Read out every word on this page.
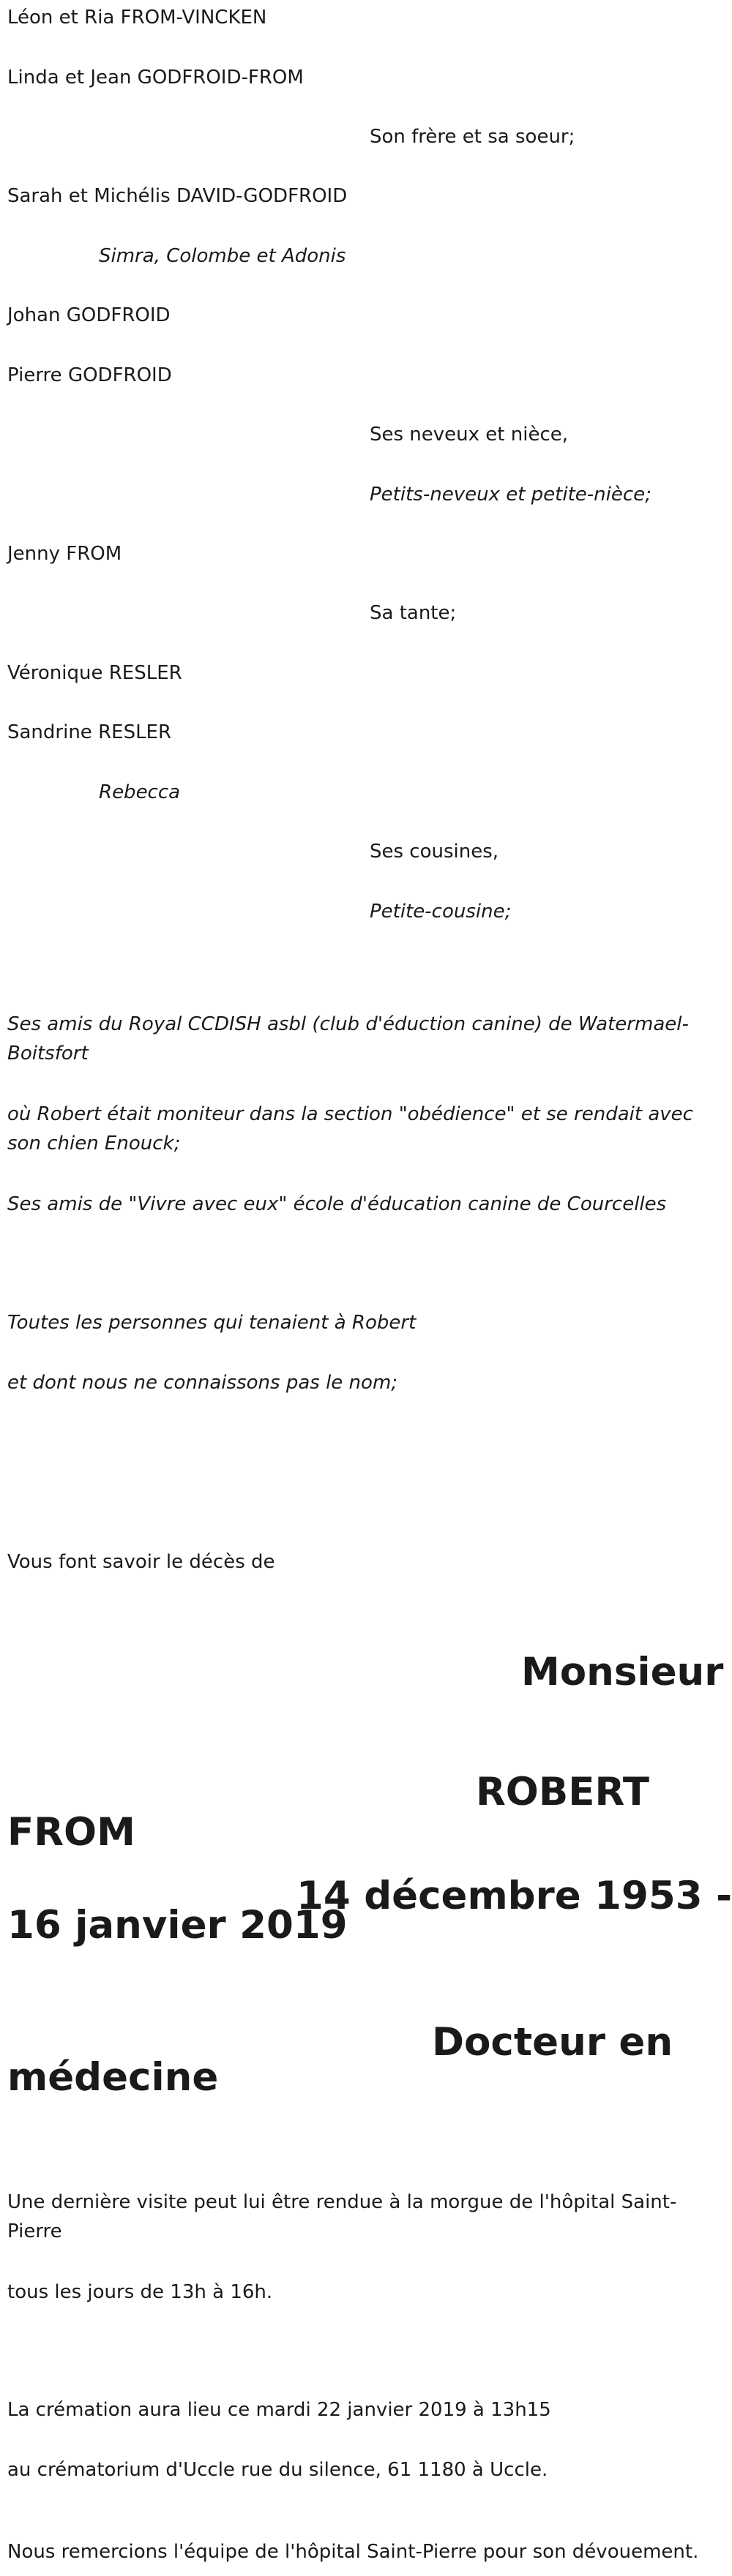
Léon et Ria FROM-VINCKEN
Linda et Jean GODFROID-FROM
Son frère et sa soeur;
Sarah et Michélis DAVID-GODFROID
Simra, Colombe et Adonis
Johan GODFROID
Pierre GODFROID
Ses neveux et nièce,
Petits-neveux et petite-nièce;
Jenny FROM
Sa tante;
Véronique RESLER
Sandrine RESLER
Rebecca
Ses cousines,
Petite-cousine;
Ses amis du Royal CCDISH asbl (club d'éduction canine) de Watermael-Boitsfort
où Robert était moniteur dans la section "obédience" et se rendait avec son chien Enouck;
Ses amis de "Vivre avec eux" école d'éducation canine de Courcelles
Toutes les personnes qui tenaient à Robert
et dont nous ne connaissons pas le nom;
Vous font savoir le décès de
Monsieur
ROBERT
FROM
14 décembre 1953 -
16 janvier 2019
Docteur en
médecine
Une dernière visite peut lui être rendue à la morgue de l'hôpital Saint-Pierre
tous les jours de 13h à 16h.
La crémation aura lieu ce mardi 22 janvier 2019 à 13h15
au crématorium d'Uccle rue du silence, 61 1180 à Uccle.
Nous remercions l'équipe de l'hôpital Saint-Pierre pour son dévouement.
